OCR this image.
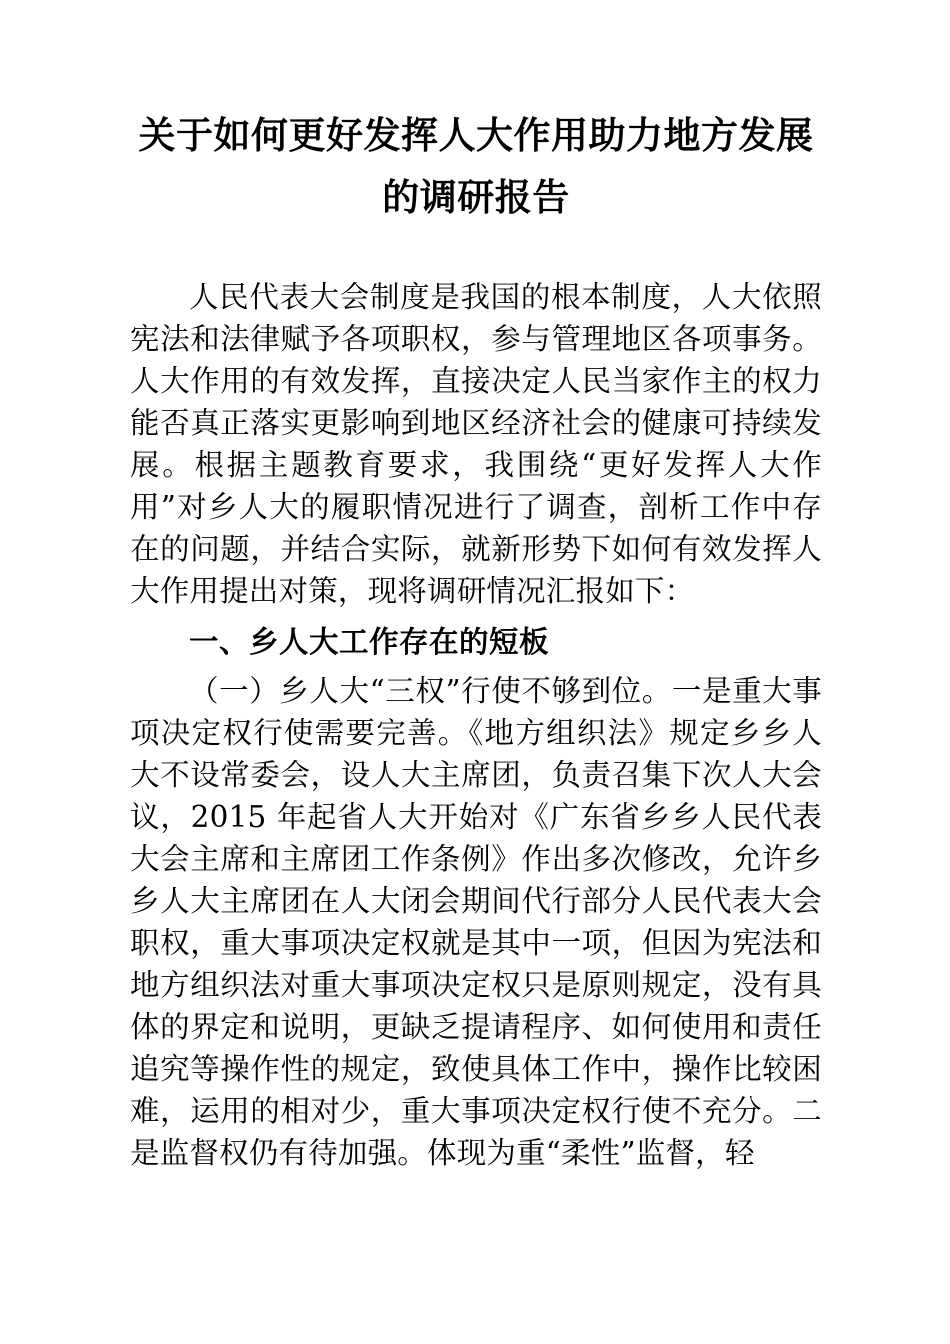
关于如何更好发挥人大作用助力地方发展
的调研报告

人民代表大会制度是我国的根本制度，人大依照宪法和法律赋予各项职权，参与管理地区各项事务。人大作用的有效发挥，直接决定人民当家作主的权力能否真正落实更影响到地区经济社会的健康可持续发展。根据主题教育要求，我围绕“更好发挥人大作用”对乡人大的履职情况进行了调查，剖析工作中存在的问题，并结合实际，就新形势下如何有效发挥人大作用提出对策，现将调研情况汇报如下：

一、乡人大工作存在的短板

（一）乡人大“三权”行使不够到位。一是重大事项决定权行使需要完善。《地方组织法》规定乡乡人大不设常委会，设人大主席团，负责召集下次人大会议，2015 年起省人大开始对《广东省乡乡人民代表大会主席和主席团工作条例》作出多次修改，允许乡乡人大主席团在人大闭会期间代行部分人民代表大会职权，重大事项决定权就是其中一项，但因为宪法和地方组织法对重大事项决定权只是原则规定，没有具体的界定和说明，更缺乏提请程序、如何使用和责任追究等操作性的规定，致使具体工作中，操作比较困难，运用的相对少，重大事项决定权行使不充分。二是监督权仍有待加强。体现为重“柔性”监督，轻
